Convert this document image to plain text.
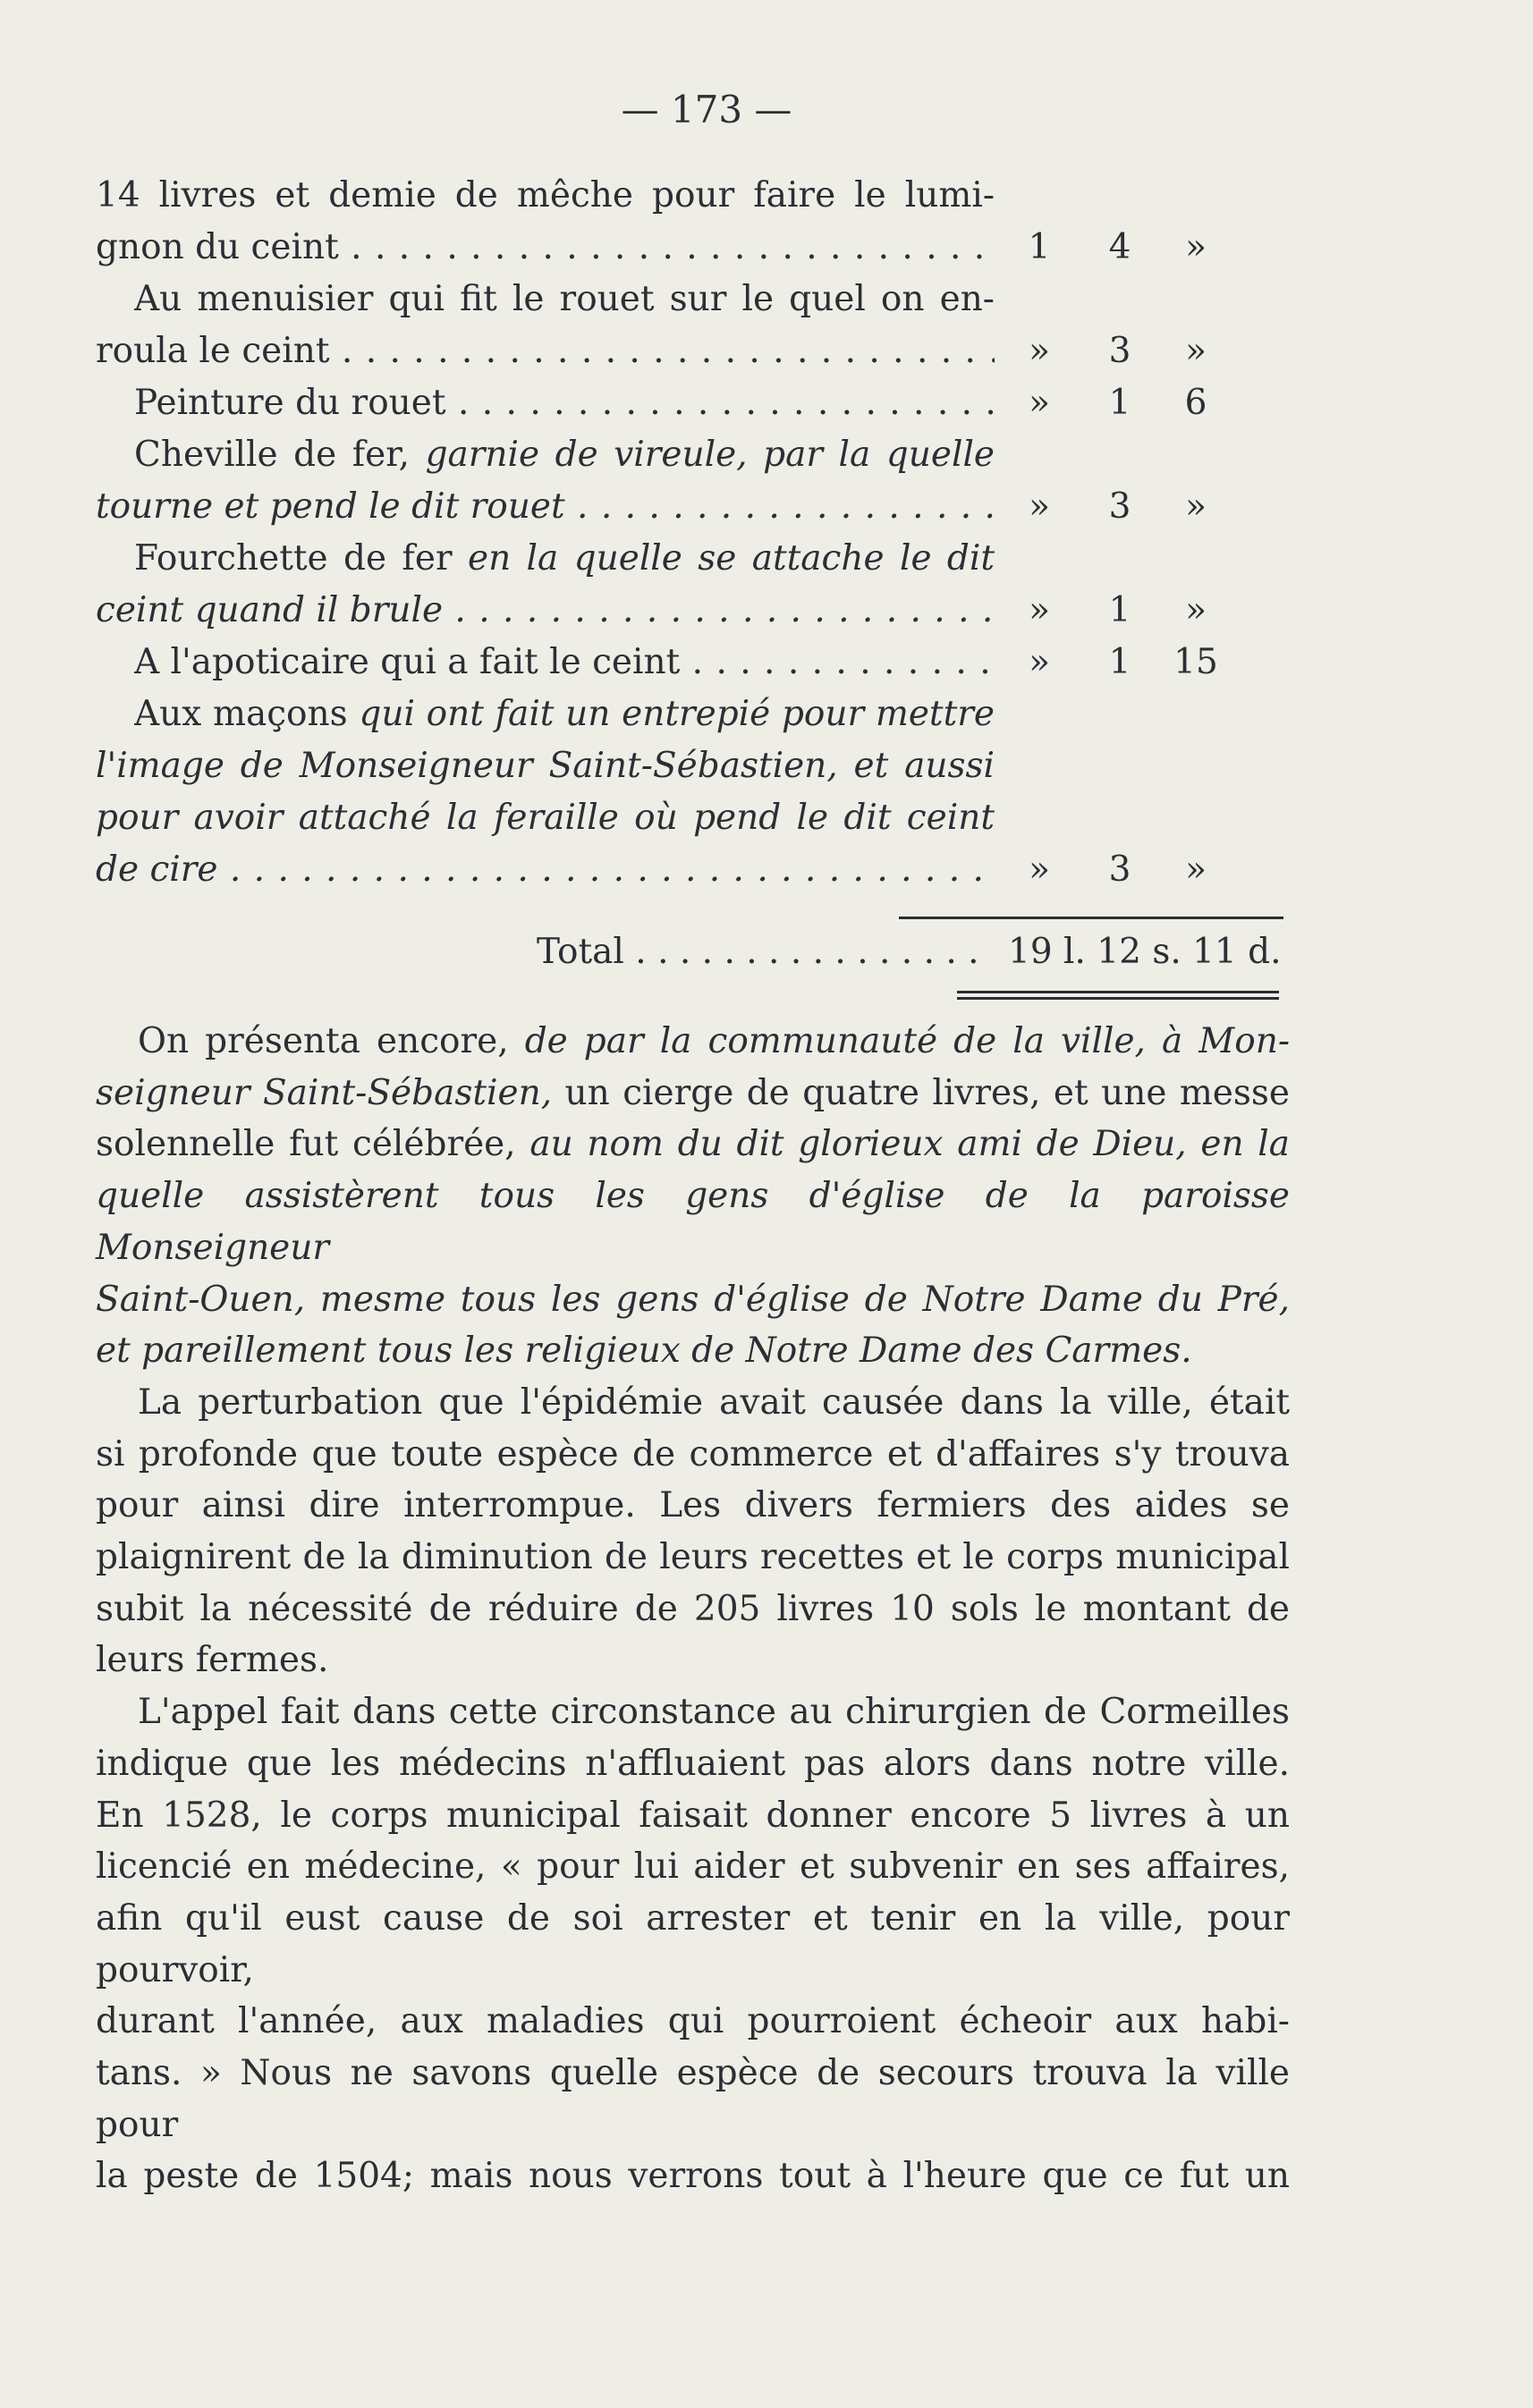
— 173 —
14 livres et demie de mêche pour faire le lumi-
gnon du ceint . . .	1	4	»
Au menuisier qui fit le rouet sur le quel on en-
roula le ceint . . .	»	3	»
Peinture du rouet . . .	»	1	6
Cheville de fer, garnie de vireule, par la quelle
tourne et pend le dit rouet . . .	»	3	»
Fourchette de fer en la quelle se attache le dit
ceint quand il brule . . .	»	1	»
A l'apoticaire qui a fait le ceint . . .	»	1	15
Aux maçons qui ont fait un entrepié pour mettre
l'image de Monseigneur Saint-Sébastien, et aussi
pour avoir attaché la feraille où pend le dit ceint
de cire . . .	»	3	»
Total . . .	19 l. 12 s. 11 d.
On présenta encore, de par la communauté de la ville, à Mon-
seigneur Saint-Sébastien, un cierge de quatre livres, et une messe
solennelle fut célébrée, au nom du dit glorieux ami de Dieu, en la
quelle assistèrent tous les gens d'église de la paroisse Monseigneur
Saint-Ouen, mesme tous les gens d'église de Notre Dame du Pré,
et pareillement tous les religieux de Notre Dame des Carmes.
La perturbation que l'épidémie avait causée dans la ville, était
si profonde que toute espèce de commerce et d'affaires s'y trouva
pour ainsi dire interrompue. Les divers fermiers des aides se
plaignirent de la diminution de leurs recettes et le corps municipal
subit la nécessité de réduire de 205 livres 10 sols le montant de
leurs fermes.
L'appel fait dans cette circonstance au chirurgien de Cormeilles
indique que les médecins n'affluaient pas alors dans notre ville.
En 1528, le corps municipal faisait donner encore 5 livres à un
licencié en médecine, « pour lui aider et subvenir en ses affaires,
afin qu'il eust cause de soi arrester et tenir en la ville, pour pourvoir,
durant l'année, aux maladies qui pourroient écheoir aux habi-
tans. » Nous ne savons quelle espèce de secours trouva la ville pour
la peste de 1504; mais nous verrons tout à l'heure que ce fut un
